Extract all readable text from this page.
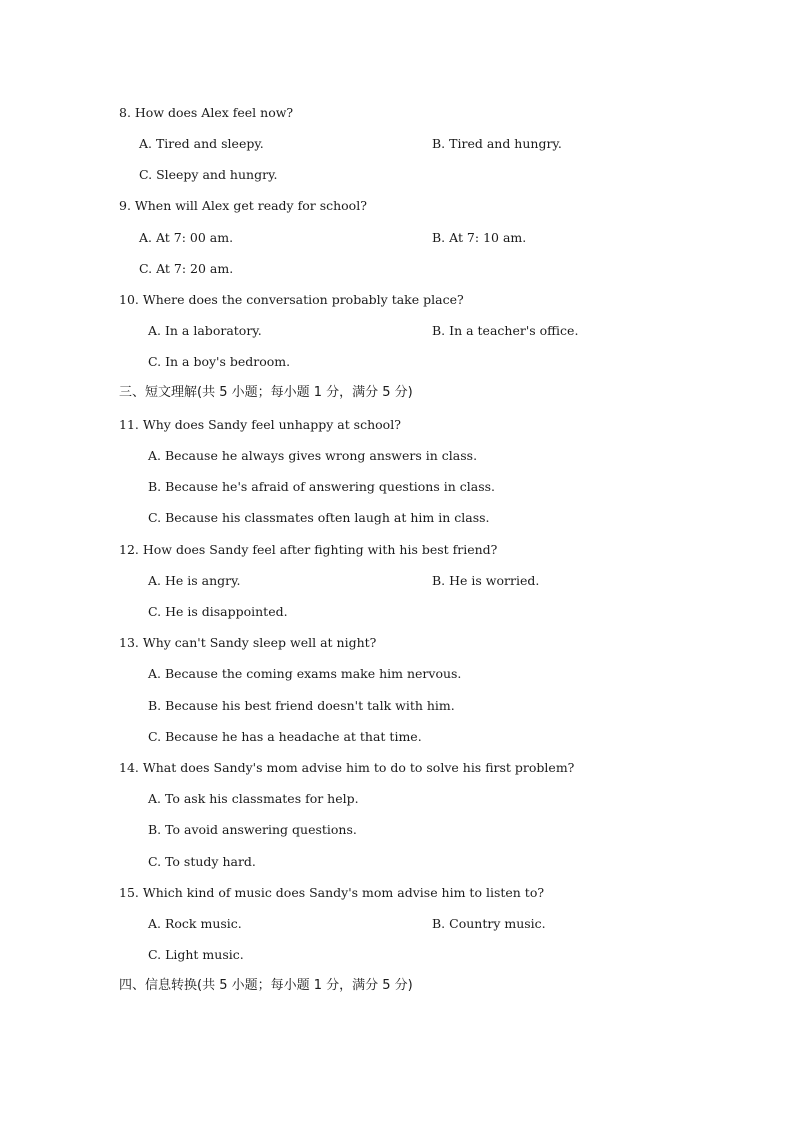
8. How does Alex feel now?
A. Tired and sleepy.	B. Tired and hungry.
C. Sleepy and hungry.
9. When will Alex get ready for school?
A. At 7: 00 am.	B. At 7: 10 am.
C. At 7: 20 am.
10. Where does the conversation probably take place?
A. In a laboratory.	B. In a teacher's office.
C. In a boy's bedroom.
三、短文理解(共 5 小题；每小题 1 分，满分 5 分)
11. Why does Sandy feel unhappy at school?
A. Because he always gives wrong answers in class.
B. Because he's afraid of answering questions in class.
C. Because his classmates often laugh at him in class.
12. How does Sandy feel after fighting with his best friend?
A. He is angry.	B. He is worried.
C. He is disappointed.
13. Why can't Sandy sleep well at night?
A. Because the coming exams make him nervous.
B. Because his best friend doesn't talk with him.
C. Because he has a headache at that time.
14. What does Sandy's mom advise him to do to solve his first problem?
A. To ask his classmates for help.
B. To avoid answering questions.
C. To study hard.
15. Which kind of music does Sandy's mom advise him to listen to?
A. Rock music.	B. Country music.
C. Light music.
四、信息转换(共 5 小题；每小题 1 分，满分 5 分)
